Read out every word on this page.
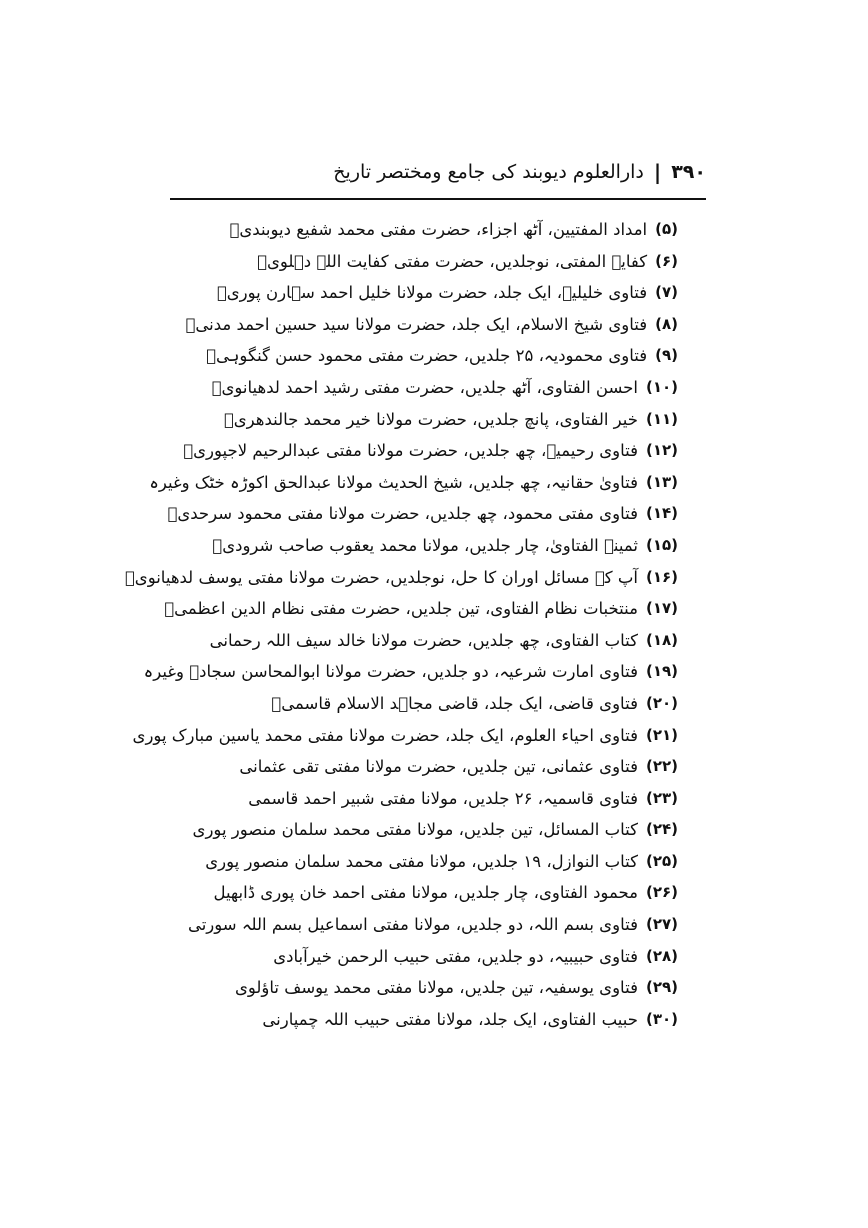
۳۹۰
|
دارالعلوم دیوبند کی جامع ومختصر تاریخ
(۵)
امداد المفتیین، آٹھ اجزاء، حضرت مفتی محمد شفیع دیوبندیؒ
(۶)
کفایۃ المفتی، نوجلدیں، حضرت مفتی کفایت اللہ دہلویؒ
(۷)
فتاوی خلیلیہ، ایک جلد، حضرت مولانا خلیل احمد سہارن پوریؒ
(۸)
فتاوی شیخ الاسلام، ایک جلد، حضرت مولانا سید حسین احمد مدنیؒ
(۹)
فتاوی محمودیہ، ۲۵ جلدیں، حضرت مفتی محمود حسن گنگوہیؒ
(۱۰)
احسن الفتاوی، آٹھ جلدیں، حضرت مفتی رشید احمد لدھیانویؒ
(۱۱)
خیر الفتاوی، پانچ جلدیں، حضرت مولانا خیر محمد جالندھریؒ
(۱۲)
فتاوی رحیمیہ، چھ جلدیں، حضرت مولانا مفتی عبدالرحیم لاجپوریؒ
(۱۳)
فتاویٰ حقانیہ، چھ جلدیں، شیخ الحدیث مولانا عبدالحق اکوڑہ خٹک وغیرہ
(۱۴)
فتاوی مفتی محمود، چھ جلدیں، حضرت مولانا مفتی محمود سرحدیؒ
(۱۵)
ثمینۃ الفتاویٰ، چار جلدیں، مولانا محمد یعقوب صاحب شرودیؒ
(۱۶)
آپ کے مسائل اوران کا حل، نوجلدیں، حضرت مولانا مفتی یوسف لدھیانویؒ
(۱۷)
منتخبات نظام الفتاوی، تین جلدیں، حضرت مفتی نظام الدین اعظمیؒ
(۱۸)
کتاب الفتاوی، چھ جلدیں، حضرت مولانا خالد سیف اللہ رحمانی
(۱۹)
فتاوی امارت شرعیہ، دو جلدیں، حضرت مولانا ابوالمحاسن سجادؒ وغیرہ
(۲۰)
فتاوی قاضی، ایک جلد، قاضی مجاہد الاسلام قاسمیؒ
(۲۱)
فتاوی احیاء العلوم، ایک جلد، حضرت مولانا مفتی محمد یاسین مبارک پوری
(۲۲)
فتاوی عثمانی، تین جلدیں، حضرت مولانا مفتی تقی عثمانی
(۲۳)
فتاوی قاسمیہ، ۲۶ جلدیں، مولانا مفتی شبیر احمد قاسمی
(۲۴)
کتاب المسائل، تین جلدیں، مولانا مفتی محمد سلمان منصور پوری
(۲۵)
کتاب النوازل، ۱۹ جلدیں، مولانا مفتی محمد سلمان منصور پوری
(۲۶)
محمود الفتاوی، چار جلدیں، مولانا مفتی احمد خان پوری ڈابھیل
(۲۷)
فتاوی بسم اللہ، دو جلدیں، مولانا مفتی اسماعیل بسم اللہ سورتی
(۲۸)
فتاوی حبیبیہ، دو جلدیں، مفتی حبیب الرحمن خیرآبادی
(۲۹)
فتاوی یوسفیہ، تین جلدیں، مولانا مفتی محمد یوسف تاؤلوی
(۳۰)
حبیب الفتاوی، ایک جلد، مولانا مفتی حبیب اللہ چمپارنی
